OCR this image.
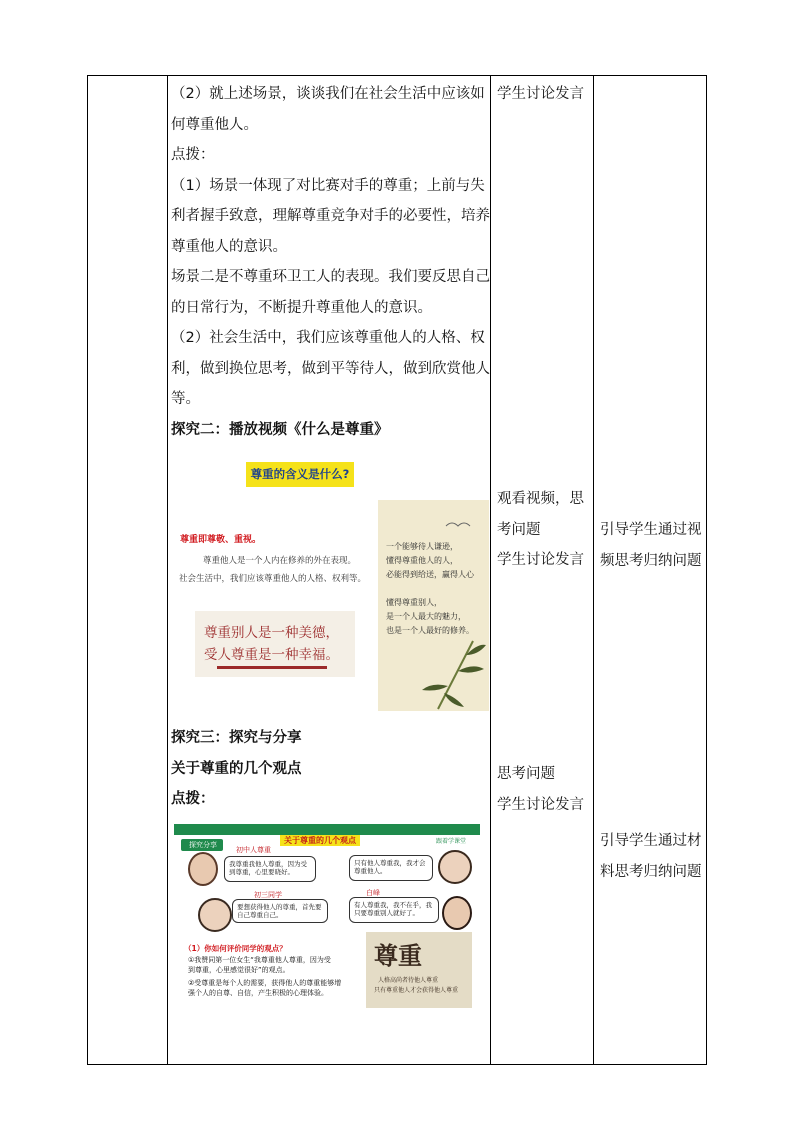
（2）就上述场景，谈谈我们在社会生活中应该如

何尊重他人。

点拨：

（1）场景一体现了对比赛对手的尊重；上前与失

利者握手致意，理解尊重竞争对手的必要性，培养

尊重他人的意识。

场景二是不尊重环卫工人的表现。我们要反思自己

的日常行为，不断提升尊重他人的意识。

（2）社会生活中，我们应该尊重他人的人格、权

利，做到换位思考，做到平等待人，做到欣赏他人

等。

探究二：播放视频《什么是尊重》

尊重的含义是什么?
尊重即尊敬、重视。
尊重他人是一个人内在修养的外在表现。
社会生活中，我们应该尊重他人的人格、权利等。
尊重别人是一种美德，
受人尊重是一种幸福。
一个能够待人谦逊，
懂得尊重他人的人，
必能得到给送，赢得人心
懂得尊重别人，
是一个人最大的魅力，
也是一个人最好的修养。

探究三：探究与分享

关于尊重的几个观点

点拨：

关于尊重的几个观点	跟着学课堂
探究分享
初中人尊重
我尊重我他人尊重，因为受到尊重，心里要晓好。
只有他人尊重我，我才会尊重他人。
初三同学
要想获得他人的尊重，首先要自己尊重自己。
白峰
有人尊重我，我不在乎，我只要尊重别人就好了。
（1）你如何评价同学的观点？
①我赞同第一位女生“我尊重他人尊重，因为受
到尊重，心里感觉很好”的观点。
②受尊重是每个人的需要，获得他人的尊重能够增
强个人的自尊、自信，产生积极的心理体验。
尊重
人格高尚者待他人尊重
只有尊重他人才会获得他人尊重

学生讨论发言

观看视频，思

考问题

学生讨论发言

思考问题

学生讨论发言

引导学生通过视

频思考归纳问题

引导学生通过材

料思考归纳问题
